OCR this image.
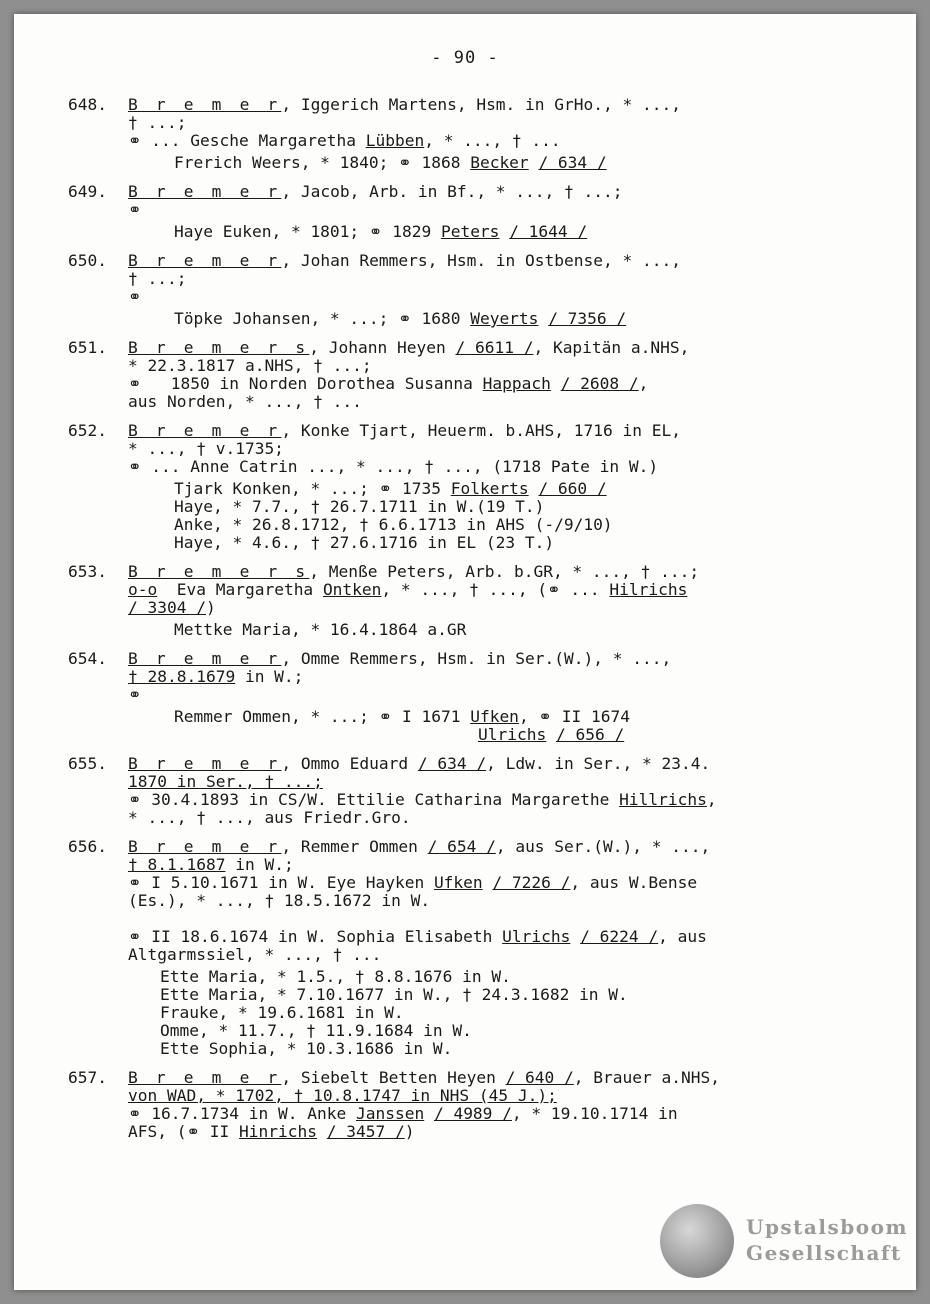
- 90 -
648.	B r e m e r, Iggerich Martens, Hsm. in GrHo., * ...,
† ...;
⚭ ... Gesche Margaretha Lübben, * ..., † ...
Frerich Weers, * 1840; ⚭ 1868 Becker / 634 /
649.	B r e m e r, Jacob, Arb. in Bf., * ..., † ...;
⚭
Haye Euken, * 1801; ⚭ 1829 Peters / 1644 /
650.	B r e m e r, Johan Remmers, Hsm. in Ostbense, * ...,
† ...;
⚭
Töpke Johansen, * ...; ⚭ 1680 Weyerts / 7356 /
651.	B r e m e r s, Johann Heyen / 6611 /, Kapitän a.NHS,
* 22.3.1817 a.NHS, † ...;
⚭   1850 in Norden Dorothea Susanna Happach / 2608 /,
aus Norden, * ..., † ...
652.	B r e m e r, Konke Tjart, Heuerm. b.AHS, 1716 in EL,
* ..., † v.1735;
⚭ ... Anne Catrin ..., * ..., † ..., (1718 Pate in W.)
Tjark Konken, * ...; ⚭ 1735 Folkerts / 660 /
Haye, * 7.7., † 26.7.1711 in W.(19 T.)
Anke, * 26.8.1712, † 6.6.1713 in AHS (-/9/10)
Haye, * 4.6., † 27.6.1716 in EL (23 T.)
653.	B r e m e r s, Menße Peters, Arb. b.GR, * ..., † ...;
o-o  Eva Margaretha Ontken, * ..., † ..., (⚭ ... Hilrichs
/ 3304 /)
Mettke Maria, * 16.4.1864 a.GR
654.	B r e m e r, Omme Remmers, Hsm. in Ser.(W.), * ...,
† 28.8.1679 in W.;
⚭
Remmer Ommen, * ...; ⚭ I 1671 Ufken, ⚭ II 1674
Ulrichs / 656 /
655.	B r e m e r, Ommo Eduard / 634 /, Ldw. in Ser., * 23.4.
1870 in Ser., † ...;
⚭ 30.4.1893 in CS/W. Ettilie Catharina Margarethe Hillrichs,
* ..., † ..., aus Friedr.Gro.
656.	B r e m e r, Remmer Ommen / 654 /, aus Ser.(W.), * ...,
† 8.1.1687 in W.;
⚭ I 5.10.1671 in W. Eye Hayken Ufken / 7226 /, aus W.Bense
(Es.), * ..., † 18.5.1672 in W.
⚭ II 18.6.1674 in W. Sophia Elisabeth Ulrichs / 6224 /, aus
Altgarmssiel, * ..., † ...
Ette Maria, * 1.5., † 8.8.1676 in W.
Ette Maria, * 7.10.1677 in W., † 24.3.1682 in W.
Frauke, * 19.6.1681 in W.
Omme, * 11.7., † 11.9.1684 in W.
Ette Sophia, * 10.3.1686 in W.
657.	B r e m e r, Siebelt Betten Heyen / 640 /, Brauer a.NHS,
von WAD, * 1702, † 10.8.1747 in NHS (45 J.);
⚭ 16.7.1734 in W. Anke Janssen / 4989 /, * 19.10.1714 in
AFS, (⚭ II Hinrichs / 3457 /)
Upstalsboom
Gesellschaft
